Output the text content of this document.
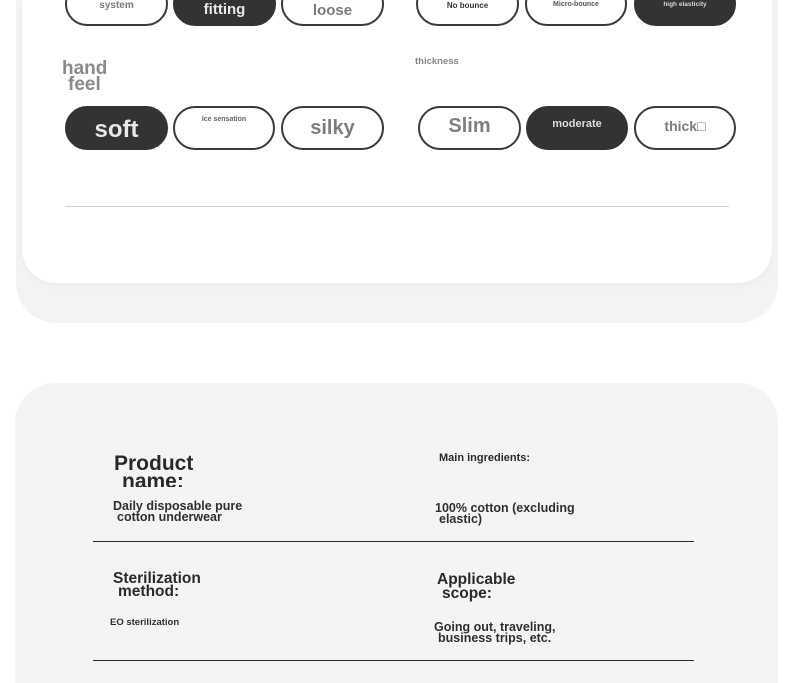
system	fitting	loose	No bounce	Micro-bounce	high elasticity
hand
feel
soft	Ice sensation	silky
thickness
Slim	moderate	thick□
Product
name:
Daily disposable pure
cotton underwear
Main ingredients:
100% cotton (excluding
elastic)
Sterilization
method:
EO sterilization
Applicable
scope:
Going out, traveling,
business trips, etc.
